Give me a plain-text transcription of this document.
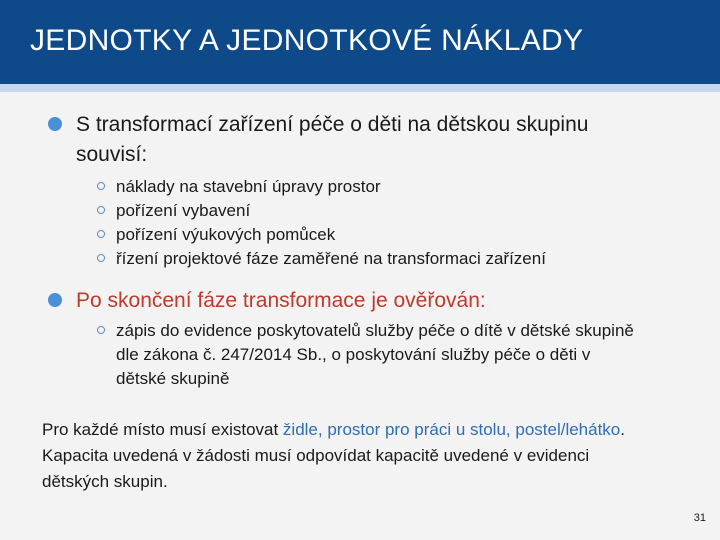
JEDNOTKY A JEDNOTKOVÉ NÁKLADY
S transformací zařízení péče o děti na dětskou skupinu
souvisí:
náklady na stavební úpravy prostor
pořízení vybavení
pořízení výukových pomůcek
řízení projektové fáze zaměřené na transformaci zařízení
Po skončení fáze transformace je ověřován:
zápis do evidence poskytovatelů služby péče o dítě v dětské skupině
dle zákona č. 247/2014 Sb., o poskytování služby péče o děti v
dětské skupině
Pro každé místo musí existovat židle, prostor pro práci u stolu, postel/lehátko.
Kapacita uvedená v žádosti musí odpovídat kapacitě uvedené v evidenci
dětských skupin.
31
